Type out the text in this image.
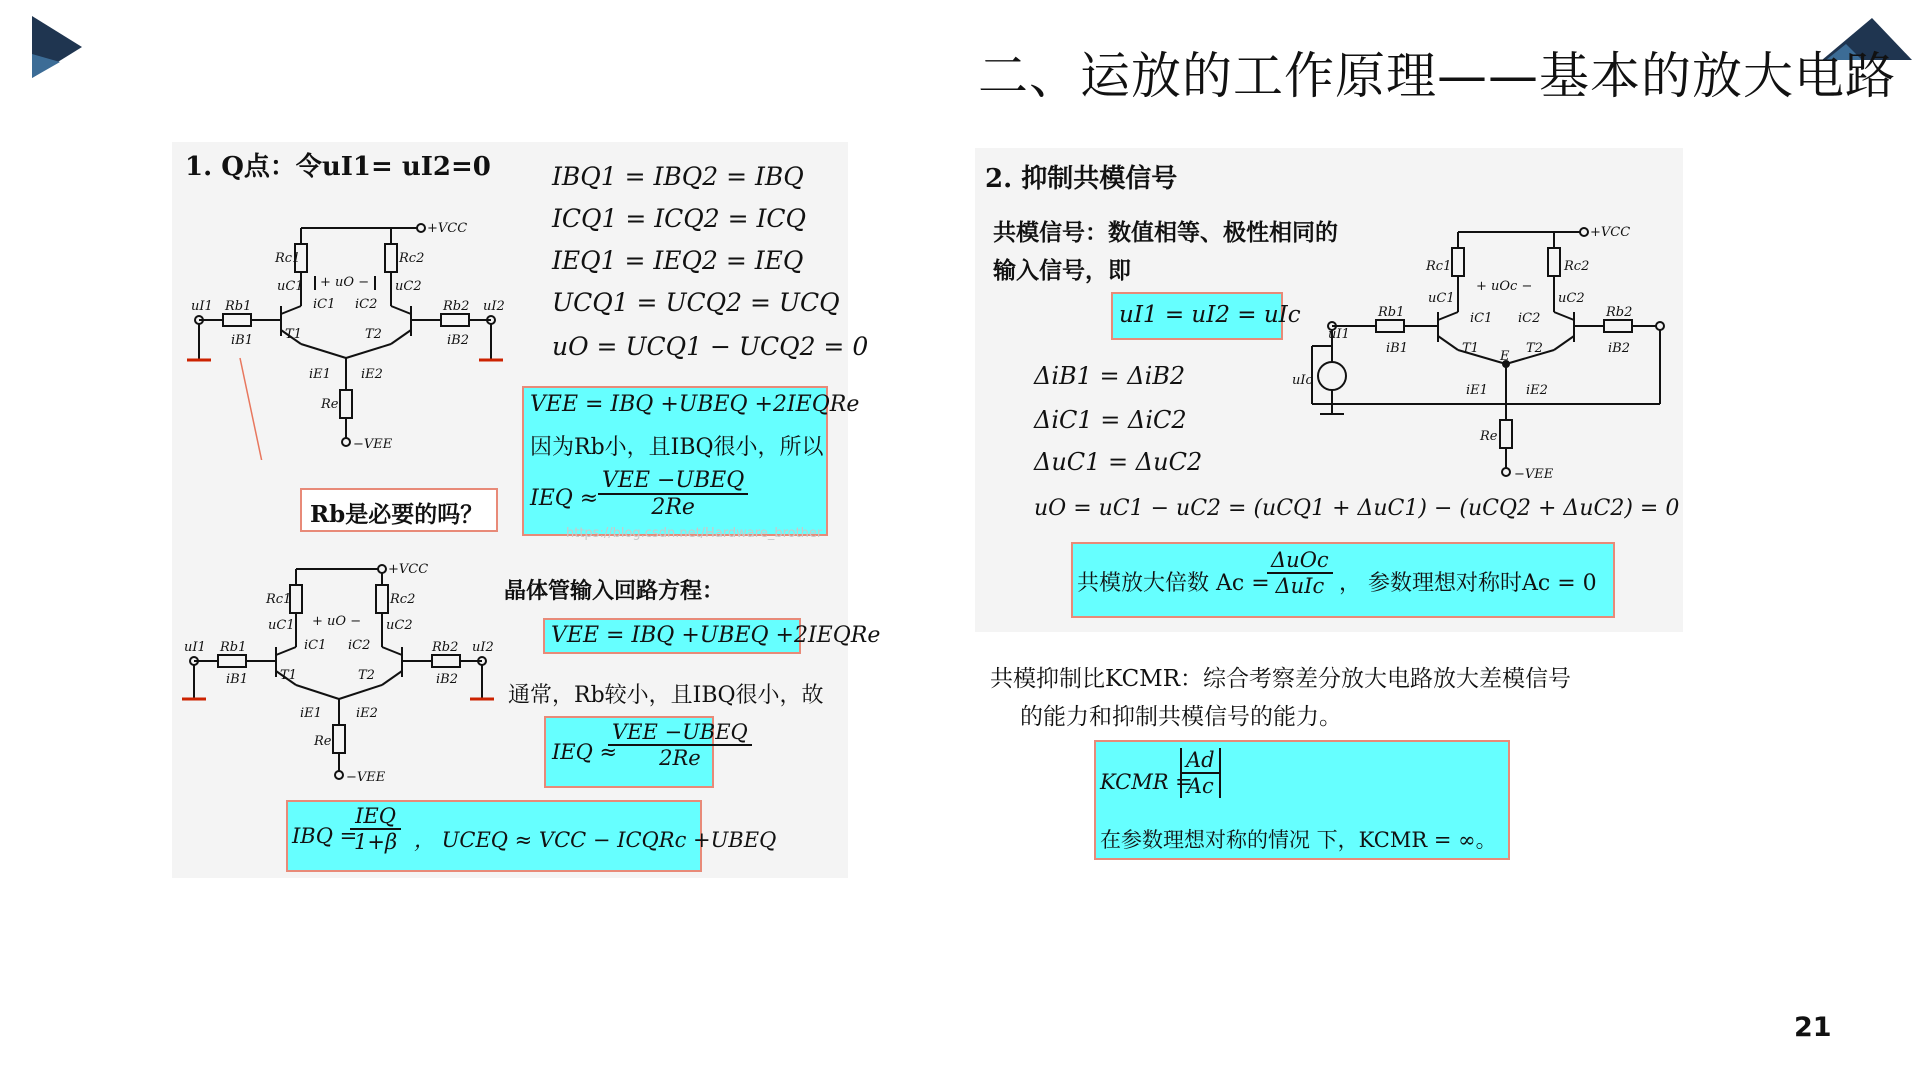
二、运放的工作原理——基本的放大电路
21
1. Q点：令uI1= uI2=0 IBQ1 = IBQ2 = IBQ
ICQ1 = ICQ2 = ICQ
IEQ1 = IEQ2 = IEQ
UCQ1 = UCQ2 = UCQ
uO = UCQ1 − UCQ2 = 0
+VCC
Rc1	Rc2
+ uO −
uC1	uC2
iC1 iC2
T1	T2
Rb1	Rb2
uI1	uI2
iB1	iB2
iE1 iE2
Re
−VEE
Rb是必要的吗？
VEE = IBQ +UBEQ +2IEQRe
因为Rb小，且IBQ很小，所以
IEQ ≈
VEE −UBEQ
2Re
https://blog.csdn.net/Hardware_brother
+VCC
Rc1	Rc2
+ uO −
uC1	uC2
iC1 iC2
T1	T2
Rb1	Rb2
uI1	uI2
iB1	iB2
iE1	iE2
Re
−VEE
晶体管输入回路方程：
VEE = IBQ +UBEQ +2IEQRe
通常，Rb较小，且IBQ很小，故
IEQ ≈
VEE −UBEQ
2Re
IBQ =
IEQ
1+β ， UCEQ ≈ VCC − ICQRc +UBEQ
2. 抑制共模信号
共模信号：数值相等、极性相同的
输入信号，即
uI1 = uI2 = uIc
ΔiB1 = ΔiB2
ΔiC1 = ΔiC2
ΔuC1 = ΔuC2
uO = uC1 − uC2 = (uCQ1 + ΔuC1) − (uCQ2 + ΔuC2) = 0
+VCC
Rc1	Rc2
+ uOc −
uC1	uC2
iC1 iC2
T1	T2
E
Rb1	Rb2
uI1
uIc
iB1	iB2
iE1	iE2
Re
−VEE
共模放大倍数 Ac =
ΔuOc
ΔuIc ， 参数理想对称时Ac = 0
共模抑制比KCMR：综合考察差分放大电路放大差模信号
的能力和抑制共模信号的能力。
KCMR =
$\frac{Ad}{Ac}$
在参数理想对称的情况 下，KCMR = ∞。
